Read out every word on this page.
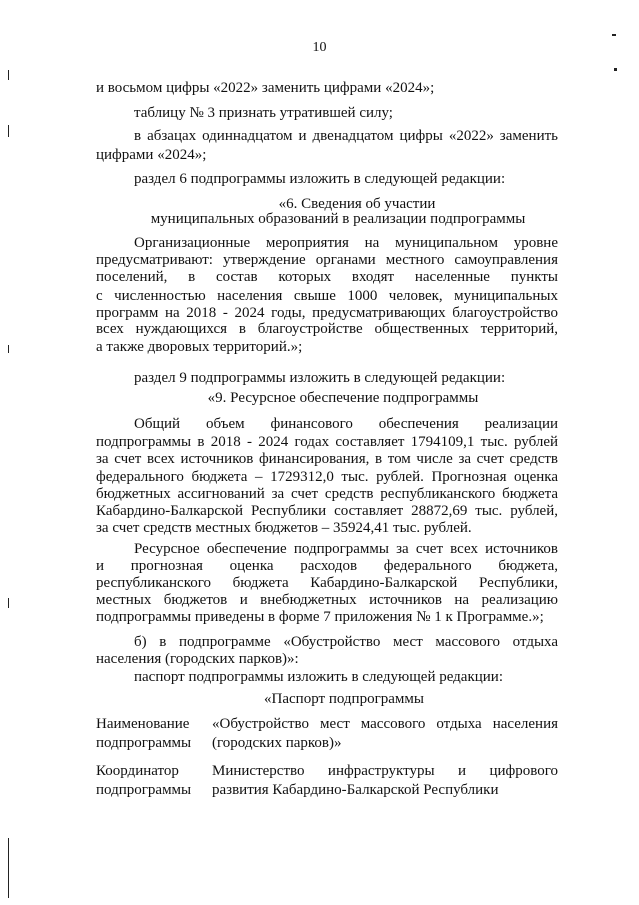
10
и восьмом цифры «2022» заменить цифрами «2024»;
таблицу № 3 признать утратившей силу;
в абзацах одиннадцатом и двенадцатом цифры «2022» заменить
цифрами «2024»;
раздел 6 подпрограммы изложить в следующей редакции:
«6. Сведения об участии
муниципальных образований в реализации подпрограммы
Организационные мероприятия на муниципальном уровне
предусматривают: утверждение органами местного самоуправления
поселений, в состав которых входят населенные пункты
с численностью населения свыше 1000 человек, муниципальных
программ на 2018 - 2024 годы, предусматривающих благоустройство
всех нуждающихся в благоустройстве общественных территорий,
а также дворовых территорий.»;
раздел 9 подпрограммы изложить в следующей редакции:
«9. Ресурсное обеспечение подпрограммы
Общий объем финансового обеспечения реализации
подпрограммы в 2018 - 2024 годах составляет 1794109,1 тыс. рублей
за счет всех источников финансирования, в том числе за счет средств
федерального бюджета – 1729312,0 тыс. рублей. Прогнозная оценка
бюджетных ассигнований за счет средств республиканского бюджета
Кабардино-Балкарской Республики составляет 28872,69 тыс. рублей,
за счет средств местных бюджетов – 35924,41 тыс. рублей.
Ресурсное обеспечение подпрограммы за счет всех источников
и прогнозная оценка расходов федерального бюджета,
республиканского бюджета Кабардино-Балкарской Республики,
местных бюджетов и внебюджетных источников на реализацию
подпрограммы приведены в форме 7 приложения № 1 к Программе.»;
б) в подпрограмме «Обустройство мест массового отдыха
населения (городских парков)»:
паспорт подпрограммы изложить в следующей редакции:
«Паспорт подпрограммы
Наименование
подпрограммы
«Обустройство мест массового отдыха населения
(городских парков)»
Координатор
подпрограммы
Министерство инфраструктуры и цифрового
развития Кабардино-Балкарской Республики
